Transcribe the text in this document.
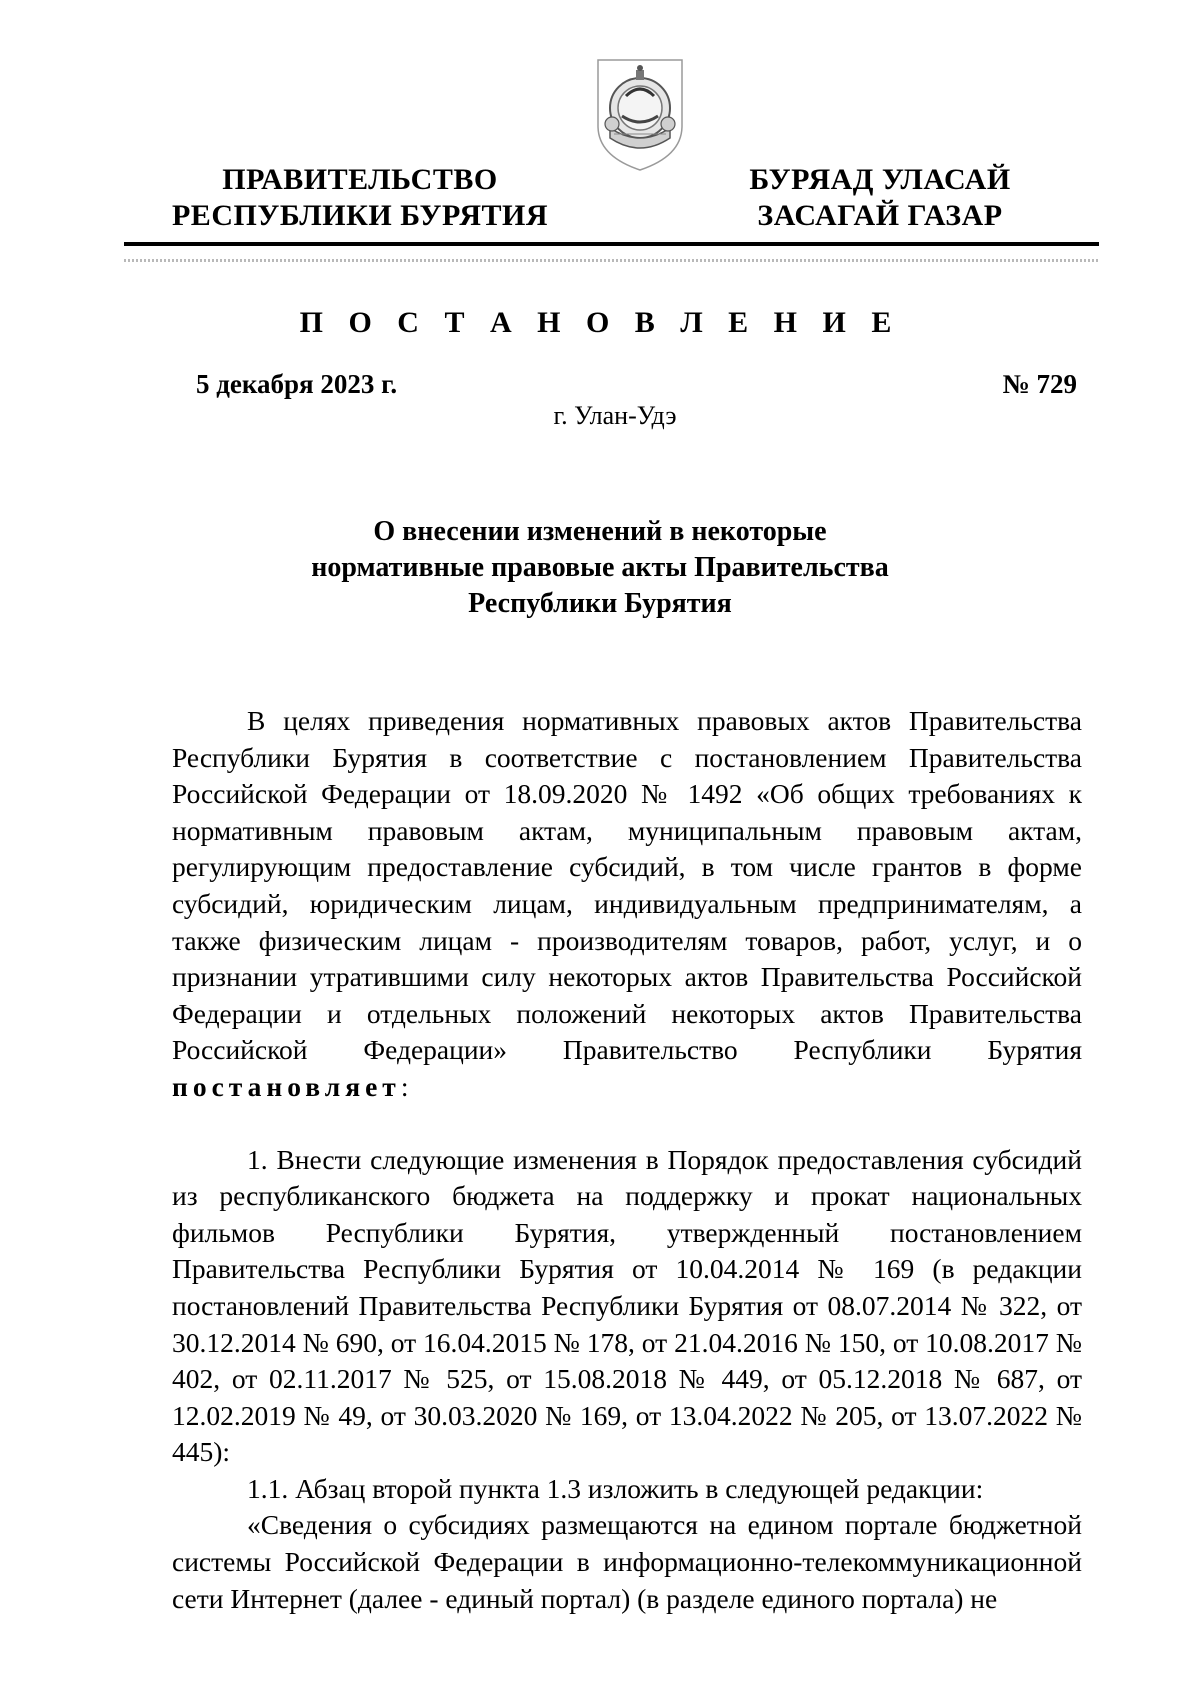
ПРАВИТЕЛЬСТВО
РЕСПУБЛИКИ БУРЯТИЯ
БУРЯАД УЛАСАЙ
ЗАСАГАЙ ГАЗАР
П О С Т А Н О В Л Е Н И Е
5 декабря 2023 г.	№ 729
г. Улан-Удэ
О внесении изменений в некоторые
нормативные правовые акты Правительства
Республики Бурятия

В целях приведения нормативных правовых актов Правительства Республики Бурятия в соответствие с постановлением Правительства Российской Федерации от 18.09.2020 № 1492 «Об общих требованиях к нормативным правовым актам, муниципальным правовым актам, регулирующим предоставление субсидий, в том числе грантов в форме субсидий, юридическим лицам, индивидуальным предпринимателям, а также физическим лицам - производителям товаров, работ, услуг, и о признании утратившими силу некоторых актов Правительства Российской Федерации и отдельных положений некоторых актов Правительства Российской Федерации» Правительство Республики Бурятия постановляет:

1. Внести следующие изменения в Порядок предоставления субсидий из республиканского бюджета на поддержку и прокат национальных фильмов Республики Бурятия, утвержденный постановлением Правительства Республики Бурятия от 10.04.2014 № 169 (в редакции постановлений Правительства Республики Бурятия от 08.07.2014 № 322, от 30.12.2014 № 690, от 16.04.2015 № 178, от 21.04.2016 № 150, от 10.08.2017 № 402, от 02.11.2017 № 525, от 15.08.2018 № 449, от 05.12.2018 № 687, от 12.02.2019 № 49, от 30.03.2020 № 169, от 13.04.2022 № 205, от 13.07.2022 № 445):

1.1. Абзац второй пункта 1.3 изложить в следующей редакции:

«Сведения о субсидиях размещаются на едином портале бюджетной системы Российской Федерации в информационно-телекоммуникационной сети Интернет (далее - единый портал) (в разделе единого портала) не
